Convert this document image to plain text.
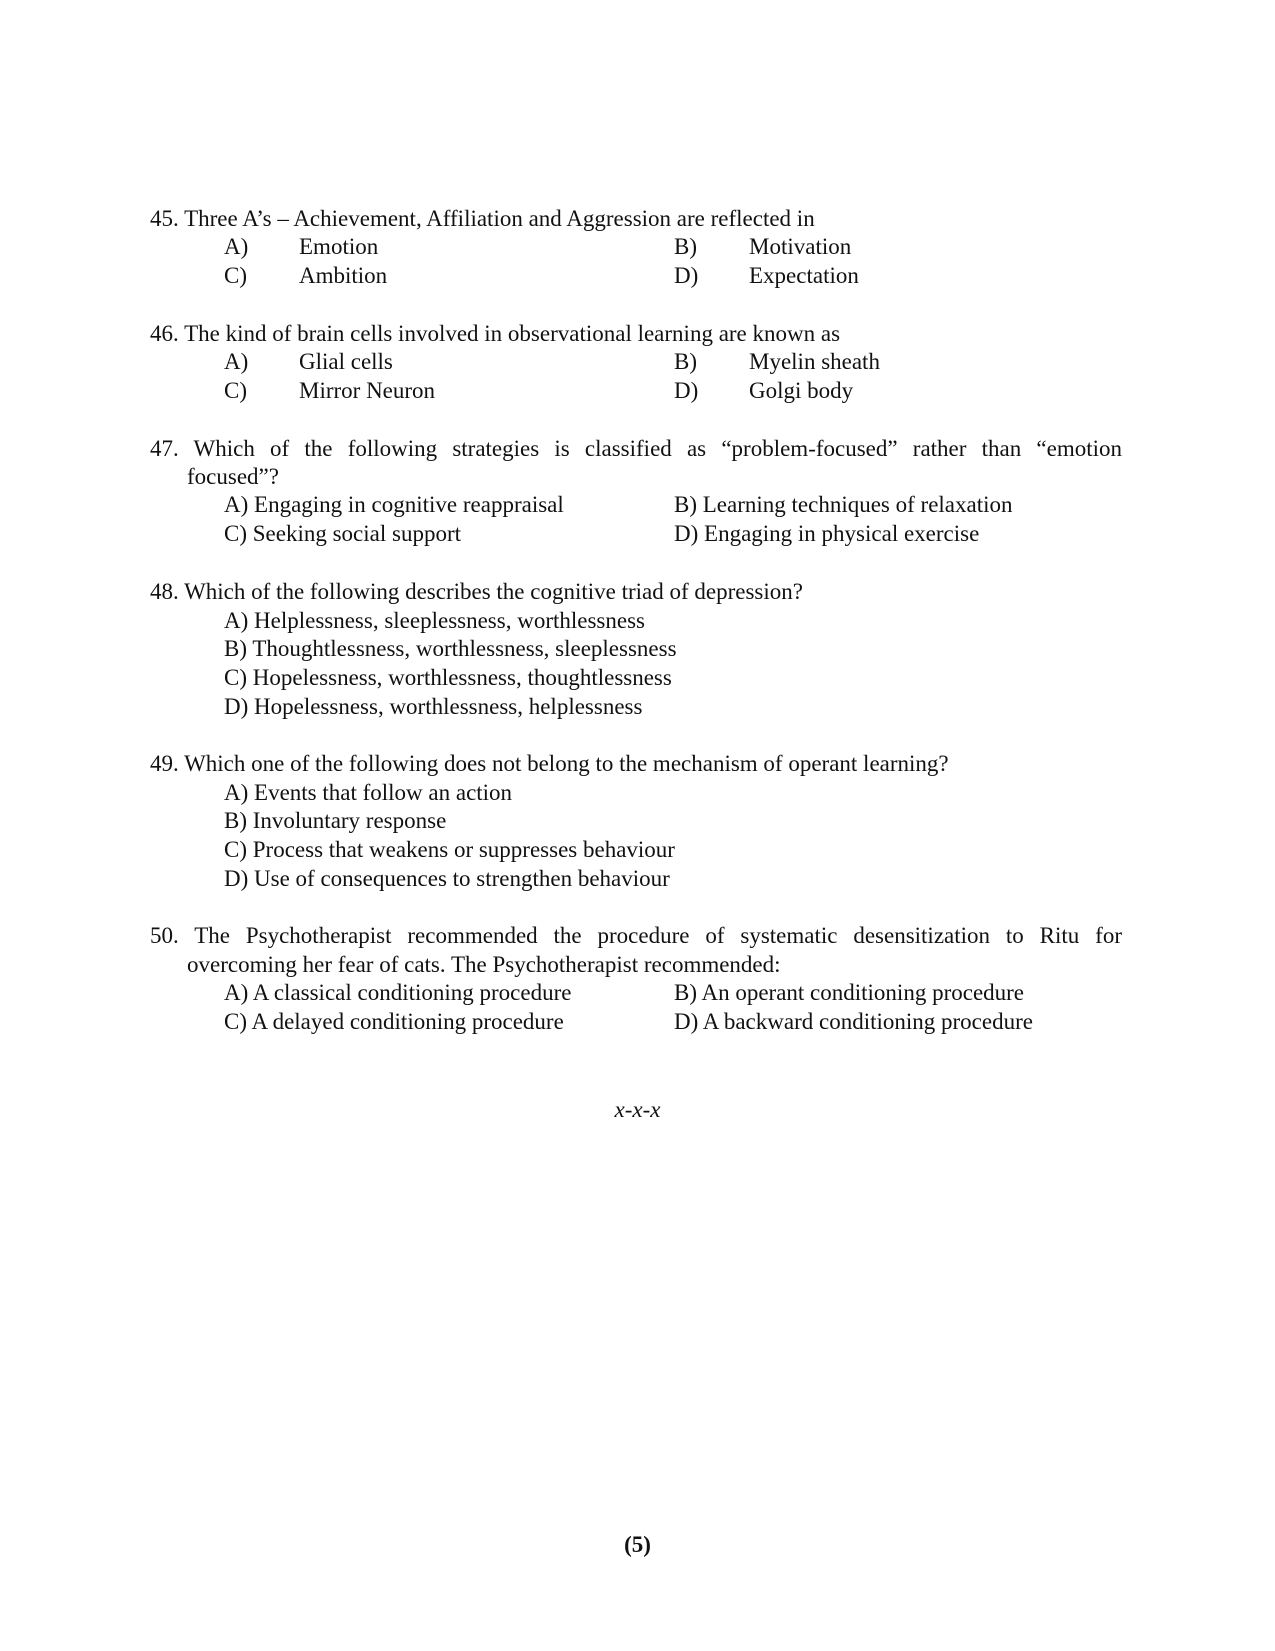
45. Three A’s – Achievement, Affiliation and Aggression are reflected in
A) Emotion	B) Motivation
C) Ambition	D) Expectation
46. The kind of brain cells involved in observational learning are known as
A) Glial cells	B) Myelin sheath
C) Mirror Neuron	D) Golgi body
47. Which of the following strategies is classified as “problem-focused” rather than “emotion
focused”?
A) Engaging in cognitive reappraisal	B) Learning techniques of relaxation
C) Seeking social support	D) Engaging in physical exercise
48. Which of the following describes the cognitive triad of depression?
A) Helplessness, sleeplessness, worthlessness
B) Thoughtlessness, worthlessness, sleeplessness
C) Hopelessness, worthlessness, thoughtlessness
D) Hopelessness, worthlessness, helplessness
49. Which one of the following does not belong to the mechanism of operant learning?
A) Events that follow an action
B) Involuntary response
C) Process that weakens or suppresses behaviour
D) Use of consequences to strengthen behaviour
50. The Psychotherapist recommended the procedure of systematic desensitization to Ritu for
overcoming her fear of cats. The Psychotherapist recommended:
A) A classical conditioning procedure	B) An operant conditioning procedure
C) A delayed conditioning procedure	D) A backward conditioning procedure
x-x-x
(5)
